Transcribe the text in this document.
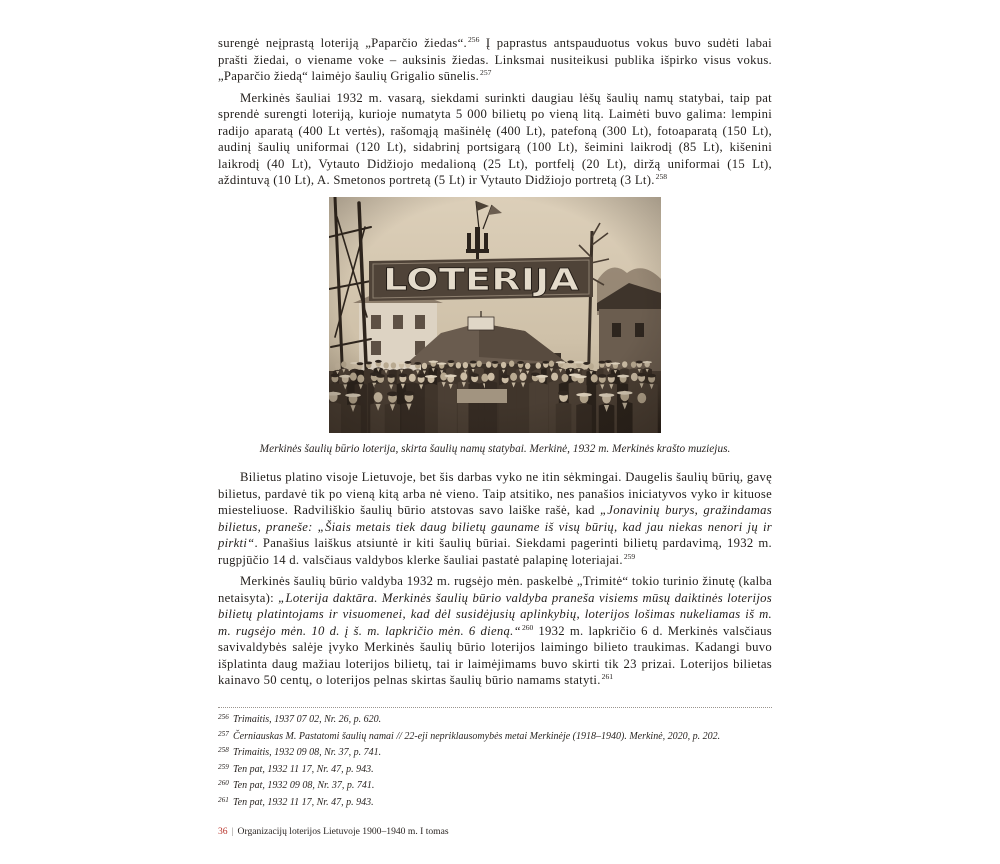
surengė neįprastą loteriją „Paparčio žiedas“.$^{256}$ Į paprastus antspauduotus vokus buvo sudėti labai prašti žiedai, o viename voke – auksinis žiedas. Linksmai nusiteikusi publika išpirko visus vokus. „Paparčio žiedą“ laimėjo šaulių Grigalio sūnelis.$^{257}$

Merkinės šauliai 1932 m. vasarą, siekdami surinkti daugiau lėšų šaulių namų statybai, taip pat sprendė surengti loteriją, kurioje numatyta 5 000 bilietų po vieną litą. Laimėti buvo galima: lempini radijo aparatą (400 Lt vertės), rašomąją mašinėlę (400 Lt), patefoną (300 Lt), fotoaparatą (150 Lt), audinį šaulių uniformai (120 Lt), sidabrinį portsigarą (100 Lt), šeimini laikrodį (85 Lt), kišenini laikrodį (40 Lt), Vytauto Didžiojo medalioną (25 Lt), portfelį (20 Lt), diržą uniformai (15 Lt), aždintuvą (10 Lt), A. Smetonos portretą (5 Lt) ir Vytauto Didžiojo portretą (3 Lt).$^{258}$

Merkinės šaulių būrio loterija, skirta šaulių namų statybai. Merkinė, 1932 m. Merkinės krašto muziejus.

Bilietus platino visoje Lietuvoje, bet šis darbas vyko ne itin sėkmingai. Daugelis šaulių būrių, gavę bilietus, pardavė tik po vieną kitą arba nė vieno. Taip atsitiko, nes panašios iniciatyvos vyko ir kituose miesteliuose. Radviliškio šaulių būrio atstovas savo laiške rašė, kad „Jonavinių burys, gražindamas bilietus, praneše: „Šiais metais tiek daug bilietų gauname iš visų būrių, kad jau niekas nenori jų ir pirkti“. Panašius laiškus atsiuntė ir kiti šaulių būriai. Siekdami pagerinti bilietų pardavimą, 1932 m. rugpjūčio 14 d. valsčiaus valdybos klerke šauliai pastatė palapinę loteriajai.$^{259}$

Merkinės šaulių būrio valdyba 1932 m. rugsėjo mėn. paskelbė „Trimitė“ tokio turinio žinutę (kalba netaisyta): „Loterija daktāra. Merkinės šaulių būrio valdyba praneša visiems mūsų daiktinės loterijos bilietų platintojams ir visuomenei, kad dėl susidėjusių aplinkybių, loterijos lošimas nukeliamas iš m. m. rugsėjo mėn. 10 d. į š. m. lapkričio mėn. 6 dieną.“$^{260}$ 1932 m. lapkričio 6 d. Merkinės valsčiaus savivaldybės salėje įvyko Merkinės šaulių būrio loterijos laimingo bilieto traukimas. Kadangi buvo išplatinta daug mažiau loterijos bilietų, tai ir laimėjimams buvo skirti tik 23 prizai. Loterijos bilietas kainavo 50 centų, o loterijos pelnas skirtas šaulių būrio namams statyti.$^{261}$

256 Trimaitis, 1937 07 02, Nr. 26, p. 620.
257 Černiauskas M. Pastatomi šaulių namai // 22-eji nepriklausomybės metai Merkinėje (1918–1940). Merkinė, 2020, p. 202.
258 Trimaitis, 1932 09 08, Nr. 37, p. 741.
259 Ten pat, 1932 11 17, Nr. 47, p. 943.
260 Ten pat, 1932 09 08, Nr. 37, p. 741.
261 Ten pat, 1932 11 17, Nr. 47, p. 943.
36 | Organizacijų loterijos Lietuvoje 1900–1940 m. I tomas
